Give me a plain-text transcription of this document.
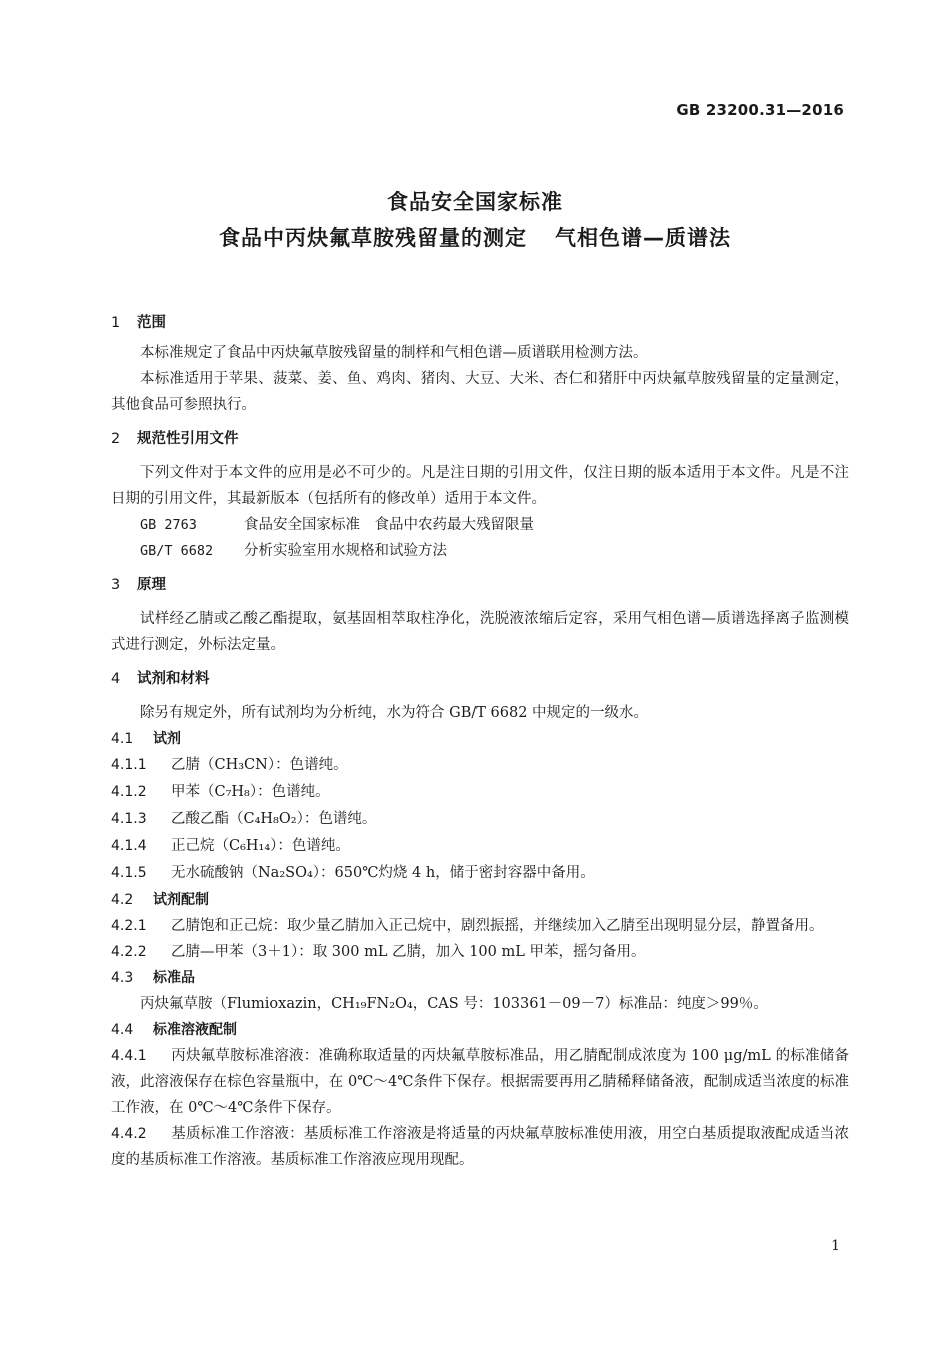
GB 23200.31—2016
食品安全国家标准
食品中丙炔氟草胺残留量的测定 气相色谱—质谱法
1 范围
本标准规定了食品中丙炔氟草胺残留量的制样和气相色谱—质谱联用检测方法。
本标准适用于苹果、菠菜、姜、鱼、鸡肉、猪肉、大豆、大米、杏仁和猪肝中丙炔氟草胺残留量的定量测定，其他食品可参照执行。
2 规范性引用文件
下列文件对于本文件的应用是必不可少的。凡是注日期的引用文件，仅注日期的版本适用于本文件。凡是不注日期的引用文件，其最新版本（包括所有的修改单）适用于本文件。
GB 2763	食品安全国家标准　食品中农药最大残留限量
GB/T 6682 分析实验室用水规格和试验方法
3 原理
试样经乙腈或乙酸乙酯提取，氨基固相萃取柱净化，洗脱液浓缩后定容，采用气相色谱—质谱选择离子监测模式进行测定，外标法定量。
4 试剂和材料
除另有规定外，所有试剂均为分析纯，水为符合 GB/T 6682 中规定的一级水。
4.1 试剂
4.1.1 乙腈（CH₃CN）：色谱纯。
4.1.2 甲苯（C₇H₈）：色谱纯。
4.1.3 乙酸乙酯（C₄H₈O₂）：色谱纯。
4.1.4 正己烷（C₆H₁₄）：色谱纯。
4.1.5 无水硫酸钠（Na₂SO₄）：650℃灼烧 4 h，储于密封容器中备用。
4.2 试剂配制
4.2.1 乙腈饱和正己烷：取少量乙腈加入正己烷中，剧烈振摇，并继续加入乙腈至出现明显分层，静置备用。
4.2.2 乙腈—甲苯（3＋1）：取 300 mL 乙腈，加入 100 mL 甲苯，摇匀备用。
4.3 标准品
丙炔氟草胺（Flumioxazin，CH₁₉FN₂O₄，CAS 号：103361－09－7）标准品：纯度＞99％。
4.4 标准溶液配制
4.4.1 丙炔氟草胺标准溶液：准确称取适量的丙炔氟草胺标准品，用乙腈配制成浓度为 100 μg/mL 的标准储备液，此溶液保存在棕色容量瓶中，在 0℃～4℃条件下保存。根据需要再用乙腈稀释储备液，配制成适当浓度的标准工作液，在 0℃～4℃条件下保存。
4.4.2 基质标准工作溶液：基质标准工作溶液是将适量的丙炔氟草胺标准使用液，用空白基质提取液配成适当浓度的基质标准工作溶液。基质标准工作溶液应现用现配。
1
